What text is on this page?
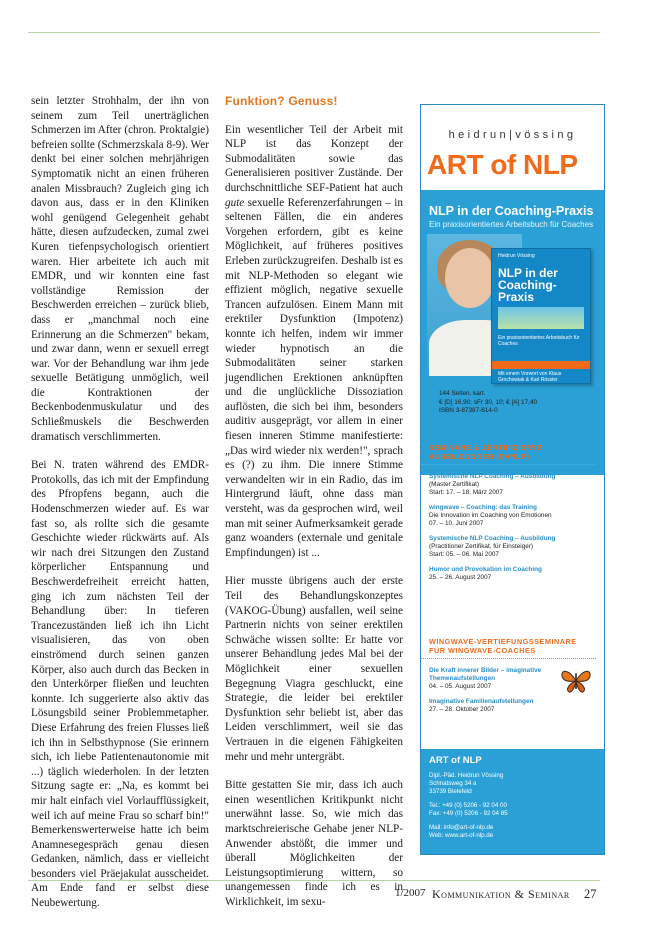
sein letzter Strohhalm, der ihn von seinem zum Teil unerträglichen Schmerzen im After (chron. Proktalgie) befreien sollte (Schmerzskala 8-9). Wer denkt bei einer solchen mehrjährigen Symptomatik nicht an einen früheren analen Missbrauch? Zugleich ging ich davon aus, dass er in den Kliniken wohl genügend Gelegenheit gehabt hätte, diesen aufzudecken, zumal zwei Kuren tiefenpsychologisch orientiert waren. Hier arbeitete ich auch mit EMDR, und wir konnten eine fast vollständige Remission der Beschwerden erreichen – zurück blieb, dass er „manchmal noch eine Erinnerung an die Schmerzen" bekam, und zwar dann, wenn er sexuell erregt war. Vor der Behandlung war ihm jede sexuelle Betätigung unmöglich, weil die Kontraktionen der Beckenbodenmuskulatur und des Schließmuskels die Beschwerden dramatisch verschlimmerten.

Bei N. traten während des EMDR-Protokolls, das ich mit der Empfindung des Pfropfens begann, auch die Hodenschmerzen wieder auf. Es war fast so, als rollte sich die gesamte Geschichte wieder rückwärts auf. Als wir nach drei Sitzungen den Zustand körperlicher Entspannung und Beschwerdefreiheit erreicht hatten, ging ich zum nächsten Teil der Behandlung über: In tieferen Trancezuständen ließ ich ihn Licht visualisieren, das von oben einströmend durch seinen ganzen Körper, also auch durch das Becken in den Unterkörper fließen und leuchten konnte. Ich suggerierte also aktiv das Lösungsbild seiner Problemmetapher. Diese Erfahrung des freien Flusses ließ ich ihn in Selbsthypnose (Sie erinnern sich, ich liebe Patientenautonomie mit ...) täglich wiederholen. In der letzten Sitzung sagte er: „Na, es kommt bei mir halt einfach viel Vorlaufflüssigkeit, weil ich auf meine Frau so scharf bin!" Bemerkenswerterweise hatte ich beim Anamnesegespräch genau diesen Gedanken, nämlich, dass er vielleicht besonders viel Präejakulat ausscheidet. Am Ende fand er selbst diese Neubewertung.

Funktion? Genuss!

Ein wesentlicher Teil der Arbeit mit NLP ist das Konzept der Submodalitäten sowie das Generalisieren positiver Zustände. Der durchschnittliche SEF-Patient hat auch gute sexuelle Referenzerfahrungen – in seltenen Fällen, die ein anderes Vorgehen erfordern, gibt es keine Möglichkeit, auf früheres positives Erleben zurückzugreifen. Deshalb ist es mit NLP-Methoden so elegant wie effizient möglich, negative sexuelle Trancen aufzulösen. Einem Mann mit erektiler Dysfunktion (Impotenz) konnte ich helfen, indem wir immer wieder hypnotisch an die Submodalitäten seiner starken jugendlichen Erektionen anknüpften und die unglückliche Dissoziation auflösten, die sich bei ihm, besonders auditiv ausgeprägt, vor allem in einer fiesen inneren Stimme manifestierte: „Das wird wieder nix werden!", sprach es (?) zu ihm. Die innere Stimme verwandelten wir in ein Radio, das im Hintergrund läuft, ohne dass man versteht, was da gesprochen wird, weil man mit seiner Aufmerksamkeit gerade ganz woanders (externale und genitale Empfindungen) ist ...

Hier musste übrigens auch der erste Teil des Behandlungskonzeptes (VAKOG-Übung) ausfallen, weil seine Partnerin nichts von seiner erektilen Schwäche wissen sollte: Er hatte vor unserer Behandlung jedes Mal bei der Möglichkeit einer sexuellen Begegnung Viagra geschluckt, eine Strategie, die leider bei erektiler Dysfunktion sehr beliebt ist, aber das Leiden verschlimmert, weil sie das Vertrauen in die eigenen Fähigkeiten mehr und mehr untergräbt.

Bitte gestatten Sie mir, dass ich auch einen wesentlichen Kritikpunkt nicht unerwähnt lasse. So, wie mich das marktschreierische Gehabe jener NLP-Anwender abstößt, die immer und überall Möglichkeiten der Leistungsoptimierung wittern, so unangemessen finde ich es in Wirklichkeit, im sexu-

heidrun|vössing
ART of NLP
NLP in der Coaching-Praxis
Ein praxisorientiertes Arbeitsbuch für Coaches
Heidrun Vössing
NLP in der Coaching-Praxis
Ein praxisorientiertes Arbeitsbuch für Coaches
Mit einem Vorwort von Klaus Grochowiak & Karl Rössler
144 Seiten, kart.
€ [D] 16,90; sFr 30, 10; € [A] 17,40
ISBN 3-87387-614-0
SEMINARE & ZERTIFIZIERTE AUSBILDUNGEN (DVNLP)
Systemische NLP Coaching – Ausbildung
(Master Zertifikat)
Start: 17. – 18. März 2007
wingwave – Coaching: das Training
Die Innovation im Coaching von Emotionen
07. – 10. Juni 2007
Systemische NLP Coaching – Ausbildung
(Practitioner Zertifikat, für Einsteiger)
Start: 05. – 06. Mai 2007
Humor und Provokation im Coaching
25. – 26. August 2007
WINGWAVE-VERTIEFUNGSSEMINARE FÜR WINGWAVE-COACHES
Die Kraft innerer Bilder – imaginative Themenaufstellungen
04. – 05. August 2007
Imaginative Familienaufstellungen
27. – 28. Oktober 2007
ART of NLP
Dipl.-Päd. Heidrun Vössing
Schnatsweg 34 a
33739 Bielefeld
Tel.: +49 (0) 5206 - 92 04 00
Fax: +49 (0) 5206 - 92 04 85
Mail: info@art-of-nlp.de
Web: www.art-of-nlp.de
1/2007 Kommunikation & Seminar 27
